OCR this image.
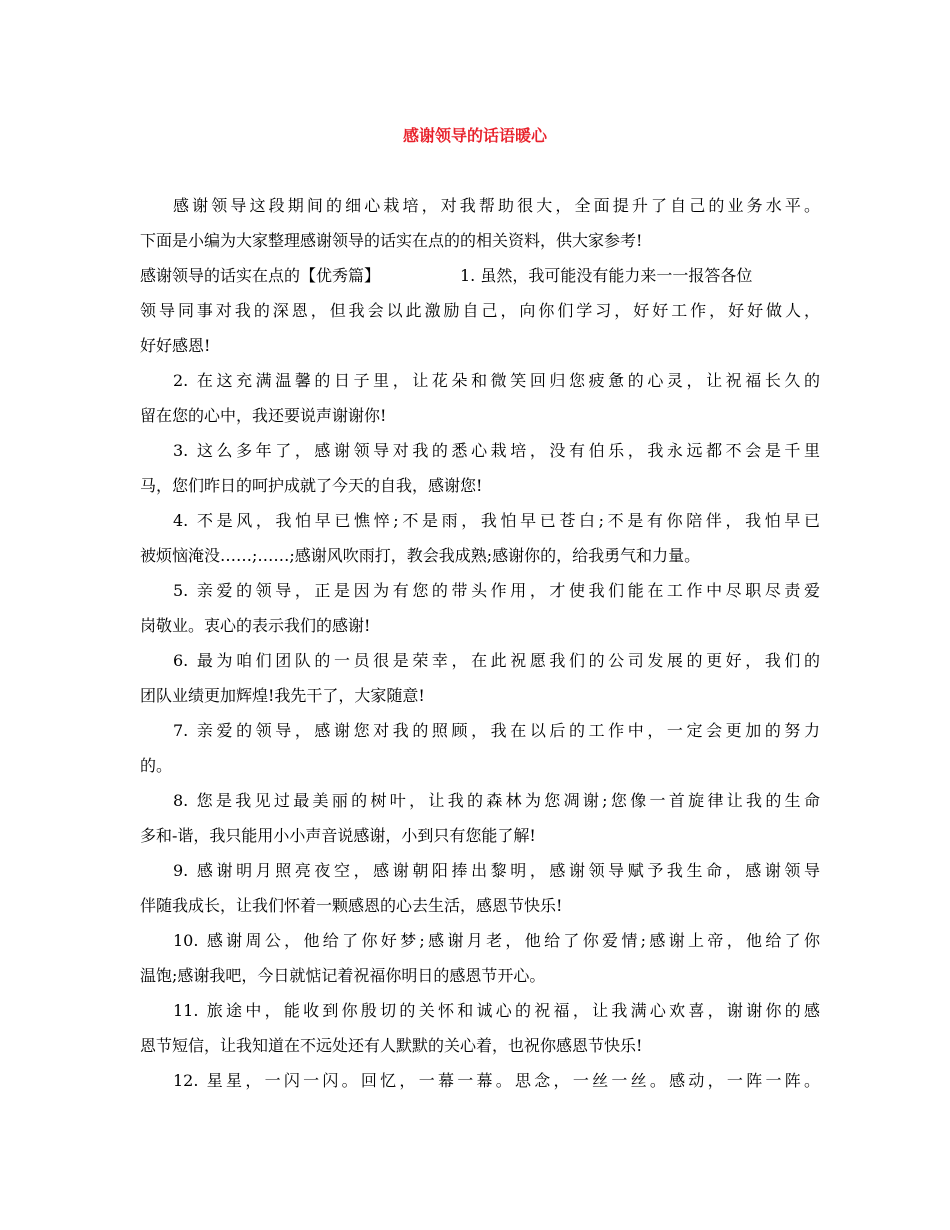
感谢领导的话语暖心
感谢领导这段期间的细心栽培，对我帮助很大，全面提升了自己的业务水平。
下面是小编为大家整理感谢领导的话实在点的的相关资料，供大家参考!
感谢领导的话实在点的【优秀篇】	1. 虽然，我可能没有能力来一一报答各位
领导同事对我的深恩，但我会以此激励自己，向你们学习，好好工作，好好做人，
好好感恩!
2. 在这充满温馨的日子里，让花朵和微笑回归您疲惫的心灵，让祝福长久的
留在您的心中，我还要说声谢谢你!
3. 这么多年了，感谢领导对我的悉心栽培，没有伯乐，我永远都不会是千里
马，您们昨日的呵护成就了今天的自我，感谢您!
4. 不是风，我怕早已憔悴;不是雨，我怕早已苍白;不是有你陪伴，我怕早已
被烦恼淹没……;……;感谢风吹雨打，教会我成熟;感谢你的，给我勇气和力量。
5. 亲爱的领导，正是因为有您的带头作用，才使我们能在工作中尽职尽责爱
岗敬业。衷心的表示我们的感谢!
6. 最为咱们团队的一员很是荣幸，在此祝愿我们的公司发展的更好，我们的
团队业绩更加辉煌!我先干了，大家随意!
7. 亲爱的领导，感谢您对我的照顾，我在以后的工作中，一定会更加的努力
的。
8. 您是我见过最美丽的树叶，让我的森林为您凋谢;您像一首旋律让我的生命
多和-谐，我只能用小小声音说感谢，小到只有您能了解!
9. 感谢明月照亮夜空，感谢朝阳捧出黎明，感谢领导赋予我生命，感谢领导
伴随我成长，让我们怀着一颗感恩的心去生活，感恩节快乐!
10. 感谢周公，他给了你好梦;感谢月老，他给了你爱情;感谢上帝，他给了你
温饱;感谢我吧，今日就惦记着祝福你明日的感恩节开心。
11. 旅途中，能收到你殷切的关怀和诚心的祝福，让我满心欢喜，谢谢你的感
恩节短信，让我知道在不远处还有人默默的关心着，也祝你感恩节快乐!
12. 星星，一闪一闪。回忆，一幕一幕。思念，一丝一丝。感动，一阵一阵。
